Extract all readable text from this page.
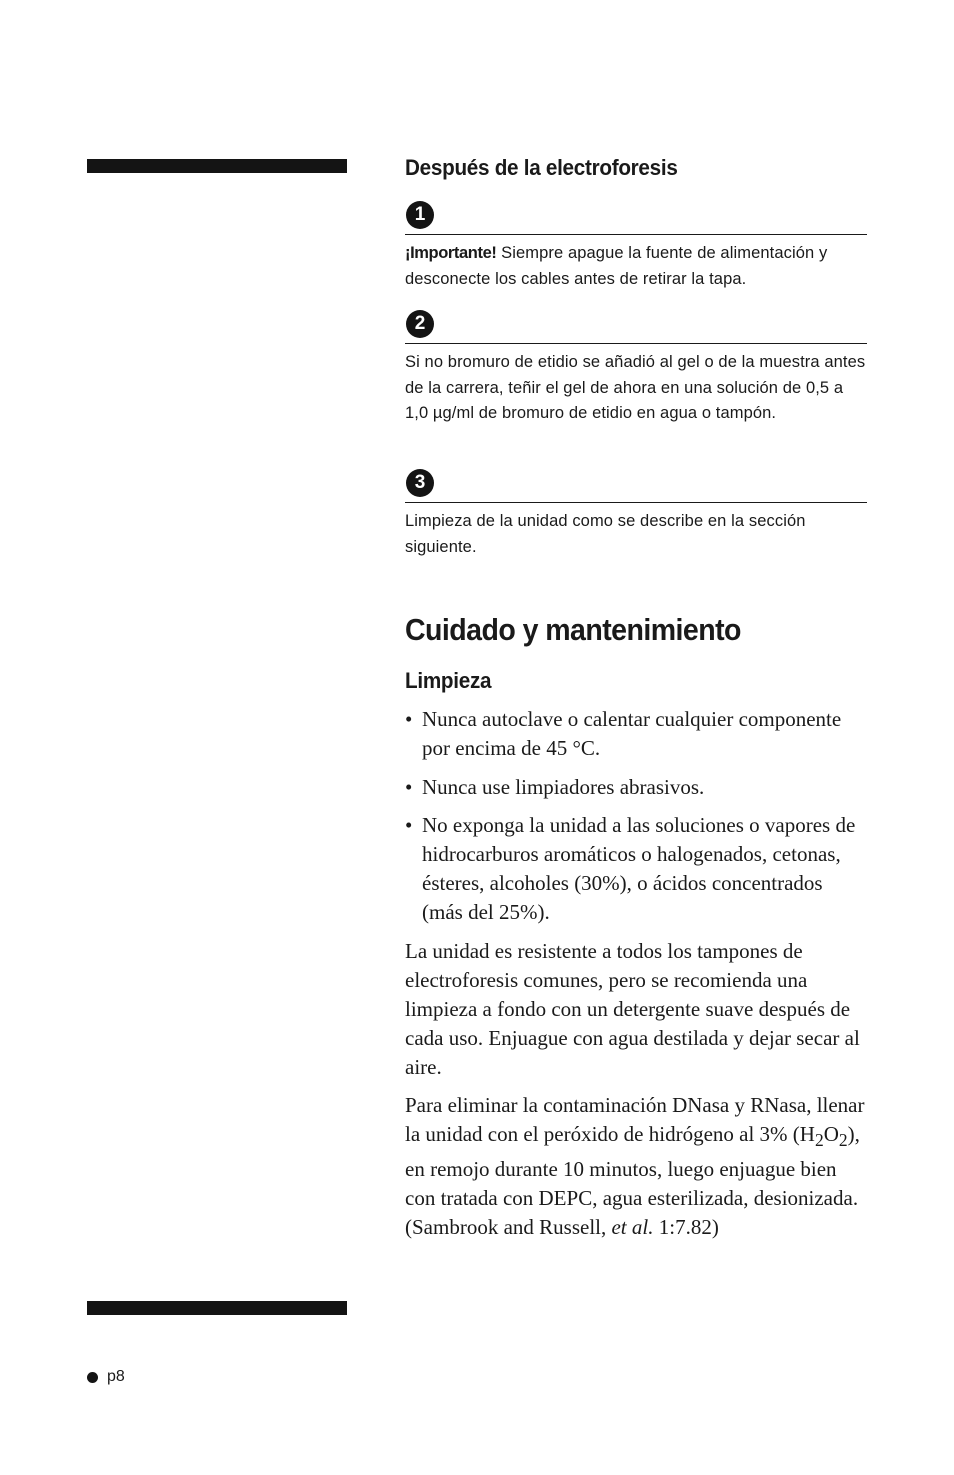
Después de la electroforesis
1

¡Importante! Siempre apague la fuente de alimentación y desconecte los cables antes de retirar la tapa.

2

Si no bromuro de etidio se añadió al gel o de la muestra antes de la carrera, teñir el gel de ahora en una solución de 0,5 a 1,0 µg/ml de bromuro de etidio en agua o tampón.

3

Limpieza de la unidad como se describe en la sección siguiente.

Cuidado y mantenimiento
Limpieza
• Nunca autoclave o calentar cualquier componente por encima de 45 °C.
• Nunca use limpiadores abrasivos.
• No exponga la unidad a las soluciones o vapores de hidrocarburos aromáticos o halogenados, cetonas, ésteres, alcoholes (30%), o ácidos concentrados (más del 25%).

La unidad es resistente a todos los tampones de electroforesis comunes, pero se recomienda una limpieza a fondo con un detergente suave después de cada uso. Enjuague con agua destilada y dejar secar al aire.

Para eliminar la contaminación DNasa y RNasa, llenar la unidad con el peróxido de hidrógeno al 3% $(H_2O_2)$, en remojo durante 10 minutos, luego enjuague bien con tratada con DEPC, agua esterilizada, desionizada. (Sambrook and Russell, et al. 1:7.82)

p8
